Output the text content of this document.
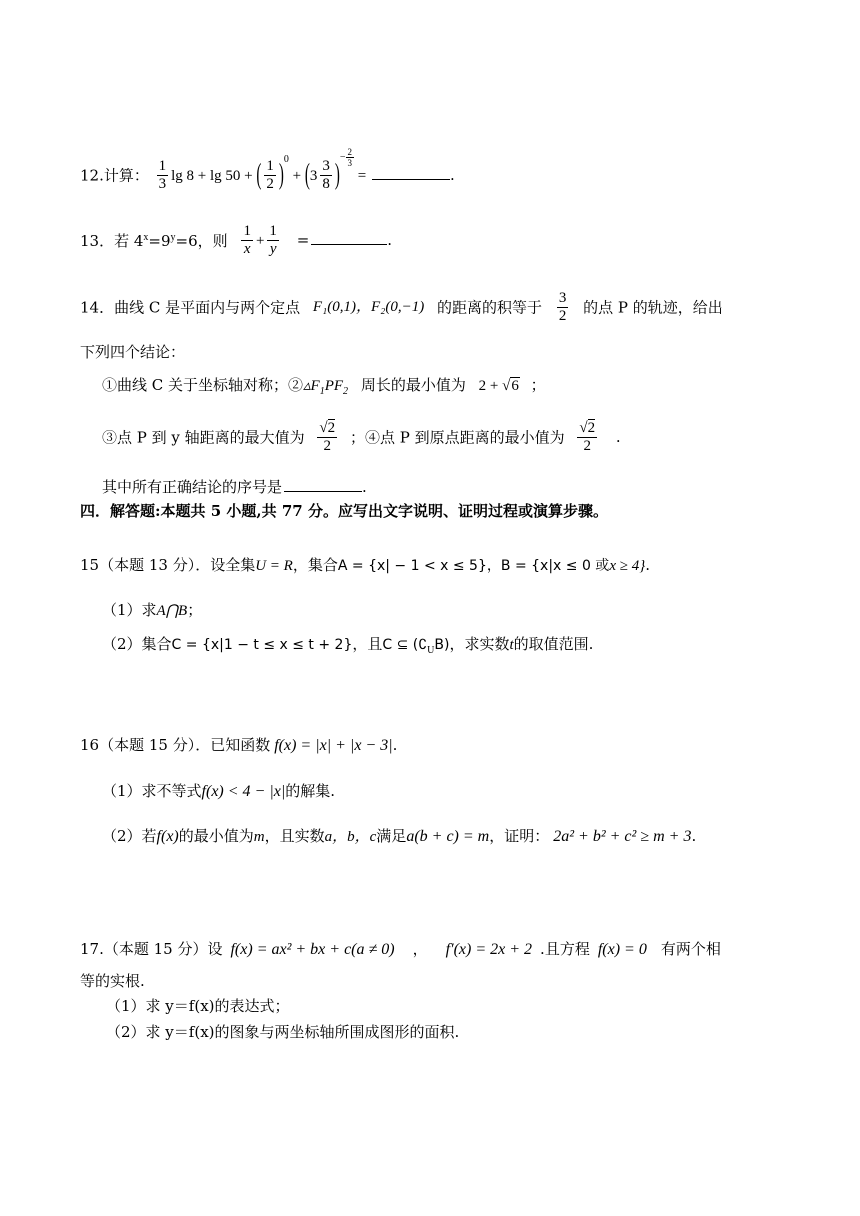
12.计算： $\frac{1}{3}$ lg 8 + lg 50 + ( $\frac{1}{2} )^0 + (3 \frac{3}{8} )^{- \frac{2}{3}}$
=	.
13．若 $4^x=9^y=6$，则 $\frac{1}{x} + \frac{1}{y}$ =	.
14．曲线 C 是平面内与两个定点 F₁(0,1)，F₂(0,−1) 的距离的积等于 $\frac{3}{2}$ 的点 P 的轨迹，给出
下列四个结论：
①曲线 C 关于坐标轴对称；$②▵F_1PF_2$ 周长的最小值为 2 + √6 ；
③点 P 到 y 轴距离的最大值为 $\frac{√2}{2}$ ；④点 P 到原点距离的最小值为 $\frac{√2}{2}$ .
其中所有正确结论的序号是	.
四．解答题:本题共 5 小题,共 77 分。应写出文字说明、证明过程或演算步骤。
15（本题 13 分）．设全集U = R，集合A = {x| − 1 < x ≤ 5}，B = {x|x ≤ 0 或x ≥ 4}.
（1）求A⋂B；
（2）集合C = {x|1 − t ≤ x ≤ t + 2}，且C ⊆ $(∁_UB)$，求实数t的取值范围.
16（本题 15 分）．已知函数 f(x) = |x| + |x − 3|.
（1）求不等式f(x) < 4 − |x|的解集.
（2）若f(x)的最小值为m，且实数a，b，c满足a(b + c) = m，证明： 2a² + b² + c² ≥ m + 3.
17.（本题 15 分）设 f(x) = ax² + bx + c(a ≠ 0) ， f′(x) = 2x + 2 .且方程 f(x) = 0 有两个相
等的实根.
（1）求 y＝f(x)的表达式；
（2）求 y＝f(x)的图象与两坐标轴所围成图形的面积.
